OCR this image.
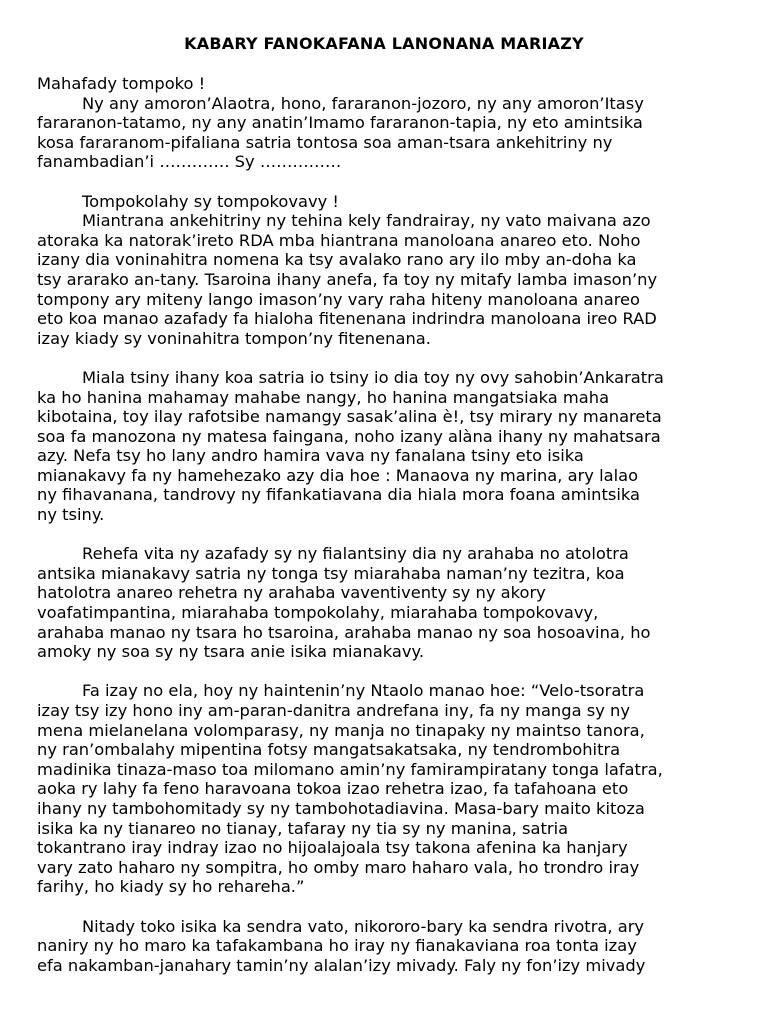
KABARY FANOKAFANA LANONANA MARIAZY
Mahafady tompoko !
Ny any amoron’Alaotra, hono, fararanon-jozoro, ny any amoron’Itasy
fararanon-tatamo, ny any anatin’Imamo fararanon-tapia, ny eto amintsika
kosa fararanom-pifaliana satria tontosa soa aman-tsara ankehitriny ny
fanambadian’i …………. Sy ……………
Tompokolahy sy tompokovavy !
Miantrana ankehitriny ny tehina kely fandrairay, ny vato maivana azo
atoraka ka natorak’ireto RDA mba hiantrana manoloana anareo eto. Noho
izany dia voninahitra nomena ka tsy avalako rano ary ilo mby an-doha ka
tsy ararako an-tany. Tsaroina ihany anefa, fa toy ny mitafy lamba imason’ny
tompony ary miteny lango imason’ny vary raha hiteny manoloana anareo
eto koa manao azafady fa hialoha fitenenana indrindra manoloana ireo RAD
izay kiady sy voninahitra tompon’ny fitenenana.
Miala tsiny ihany koa satria io tsiny io dia toy ny ovy sahobin’Ankaratra
ka ho hanina mahamay mahabe nangy, ho hanina mangatsiaka maha
kibotaina, toy ilay rafotsibe namangy sasak’alina è!, tsy mirary ny manareta
soa fa manozona ny matesa faingana, noho izany alàna ihany ny mahatsara
azy. Nefa tsy ho lany andro hamira vava ny fanalana tsiny eto isika
mianakavy fa ny hamehezako azy dia hoe : Manaova ny marina, ary lalao
ny fihavanana, tandrovy ny fifankatiavana dia hiala mora foana amintsika
ny tsiny.
Rehefa vita ny azafady sy ny fialantsiny dia ny arahaba no atolotra
antsika mianakavy satria ny tonga tsy miarahaba naman’ny tezitra, koa
hatolotra anareo rehetra ny arahaba vaventiventy sy ny akory
voafatimpantina, miarahaba tompokolahy, miarahaba tompokovavy,
arahaba manao ny tsara ho tsaroina, arahaba manao ny soa hosoavina, ho
amoky ny soa sy ny tsara anie isika mianakavy.
Fa izay no ela, hoy ny haintenin’ny Ntaolo manao hoe: “Velo-tsoratra
izay tsy izy hono iny am-paran-danitra andrefana iny, fa ny manga sy ny
mena mielanelana volomparasy, ny manja no tinapaky ny maintso tanora,
ny ran’ombalahy mipentina fotsy mangatsakatsaka, ny tendrombohitra
madinika tinaza-maso toa milomano amin’ny famirampiratany tonga lafatra,
aoka ry lahy fa feno haravoana tokoa izao rehetra izao, fa tafahoana eto
ihany ny tambohomitady sy ny tambohotadiavina. Masa-bary maito kitoza
isika ka ny tianareo no tianay, tafaray ny tia sy ny manina, satria
tokantrano iray indray izao no hijoalajoala tsy takona afenina ka hanjary
vary zato haharo ny sompitra, ho omby maro haharo vala, ho trondro iray
farihy, ho kiady sy ho rehareha.”
Nitady toko isika ka sendra vato, nikororo-bary ka sendra rivotra, ary
naniry ny ho maro ka tafakambana ho iray ny fianakaviana roa tonta izay
efa nakamban-janahary tamin’ny alalan’izy mivady. Faly ny fon’izy mivady
